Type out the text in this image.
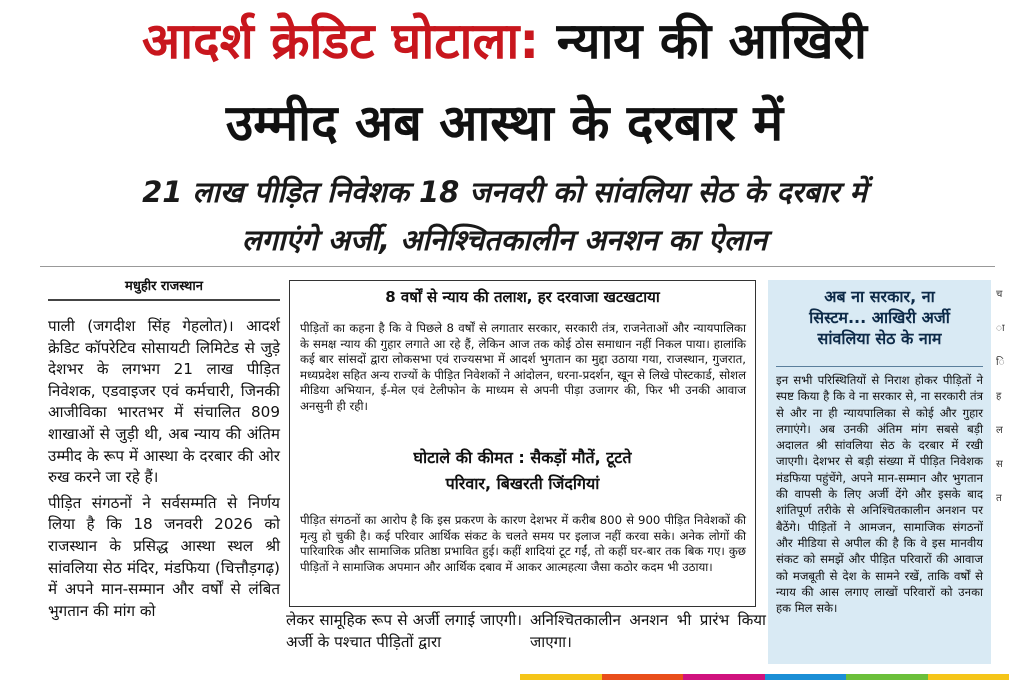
आदर्श क्रेडिट घोटाला: न्याय की आखिरी
उम्मीद अब आस्था के दरबार में
21 लाख पीड़ित निवेशक 18 जनवरी को सांवलिया सेठ के दरबार में
लगाएंगे अर्जी, अनिश्चितकालीन अनशन का ऐलान
मधुहीर राजस्थान

पाली (जगदीश सिंह गेहलोत)। आदर्श क्रेडिट कॉपरेटिव सोसायटी लिमिटेड से जुड़े देशभर के लगभग 21 लाख पीड़ित निवेशक, एडवाइजर एवं कर्मचारी, जिनकी आजीविका भारतभर में संचालित 809 शाखाओं से जुड़ी थी, अब न्याय की अंतिम उम्मीद के रूप में आस्था के दरबार की ओर रुख करने जा रहे हैं।

पीड़ित संगठनों ने सर्वसम्मति से निर्णय लिया है कि 18 जनवरी 2026 को राजस्थान के प्रसिद्ध आस्था स्थल श्री सांवलिया सेठ मंदिर, मंडफिया (चित्तौड़गढ़) में अपने मान-सम्मान और वर्षों से लंबित भुगतान की मांग को

8 वर्षों से न्याय की तलाश, हर दरवाजा खटखटाया
पीड़ितों का कहना है कि वे पिछले 8 वर्षों से लगातार सरकार, सरकारी तंत्र, राजनेताओं और न्यायपालिका के समक्ष न्याय की गुहार लगाते आ रहे हैं, लेकिन आज तक कोई ठोस समाधान नहीं निकल पाया। हालांकि कई बार सांसदों द्वारा लोकसभा एवं राज्यसभा में आदर्श भुगतान का मुद्दा उठाया गया, राजस्थान, गुजरात, मध्यप्रदेश सहित अन्य राज्यों के पीड़ित निवेशकों ने आंदोलन, धरना-प्रदर्शन, खून से लिखे पोस्टकार्ड, सोशल मीडिया अभियान, ई-मेल एवं टेलीफोन के माध्यम से अपनी पीड़ा उजागर की, फिर भी उनकी आवाज अनसुनी ही रही।
घोटाले की कीमत : सैकड़ों मौतें, टूटते
परिवार, बिखरती जिंदगियां
पीड़ित संगठनों का आरोप है कि इस प्रकरण के कारण देशभर में करीब 800 से 900 पीड़ित निवेशकों की मृत्यु हो चुकी है। कई परिवार आर्थिक संकट के चलते समय पर इलाज नहीं करवा सके। अनेक लोगों की पारिवारिक और सामाजिक प्रतिष्ठा प्रभावित हुई। कहीं शादियां टूट गईं, तो कहीं घर-बार तक बिक गए। कुछ पीड़ितों ने सामाजिक अपमान और आर्थिक दबाव में आकर आत्महत्या जैसा कठोर कदम भी उठाया।
लेकर सामूहिक रूप से अर्जी लगाई जाएगी। अर्जी के पश्चात पीड़ितों द्वारा
अनिश्चितकालीन अनशन भी प्रारंभ किया जाएगा।
अब ना सरकार, ना
सिस्टम... आखिरी अर्जी
सांवलिया सेठ के नाम
इन सभी परिस्थितियों से निराश होकर पीड़ितों ने स्पष्ट किया है कि वे ना सरकार से, ना सरकारी तंत्र से और ना ही न्यायपालिका से कोई और गुहार लगाएंगे। अब उनकी अंतिम मांग सबसे बड़ी अदालत श्री सांवलिया सेठ के दरबार में रखी जाएगी। देशभर से बड़ी संख्या में पीड़ित निवेशक मंडफिया पहुंचेंगे, अपने मान-सम्मान और भुगतान की वापसी के लिए अर्जी देंगे और इसके बाद शांतिपूर्ण तरीके से अनिश्चितकालीन अनशन पर बैठेंगे। पीड़ितों ने आमजन, सामाजिक संगठनों और मीडिया से अपील की है कि वे इस मानवीय संकट को समझें और पीड़ित परिवारों की आवाज को मजबूती से देश के सामने रखें, ताकि वर्षों से न्याय की आस लगाए लाखों परिवारों को उनका हक मिल सके।
च
ा
ि
ह
ल
स
त
